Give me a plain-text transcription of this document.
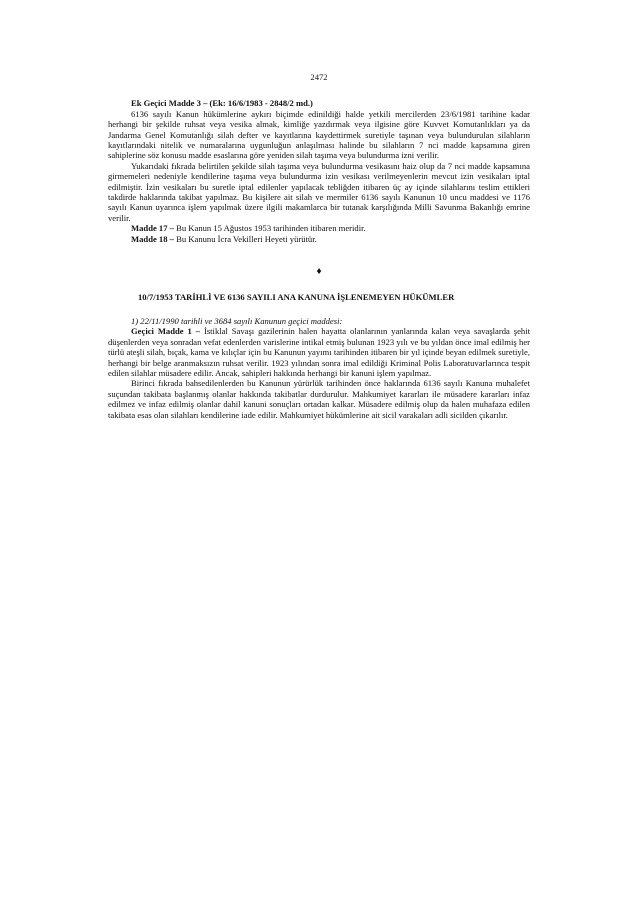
2472

Ek Geçici Madde 3 – (Ek: 16/6/1983 - 2848/2 md.)

6136 sayılı Kanun hükümlerine aykırı biçimde edinildiği halde yetkili mercilerden 23/6/1981 tarihine kadar herhangi bir şekilde ruhsat veya vesika almak, kimliğe yazdırmak veya ilgisine göre Kuvvet Komutanlıkları ya da Jandarma Genel Komutanlığı silah defter ve kayıtlarına kaydettirmek suretiyle taşınan veya bulundurulan silahların kayıtlarındaki nitelik ve numaralarına uygunluğun anlaşılması halinde bu silahların 7 nci madde kapsamına giren sahiplerine söz konusu madde esaslarına göre yeniden silah taşıma veya bulundurma izni verilir.

Yukarıdaki fıkrada belirtilen şekilde silah taşıma veya bulundurma vesikasını haiz olup da 7 nci madde kapsamına girmemeleri nedeniyle kendilerine taşıma veya bulundurma izin vesikası verilmeyenlerin mevcut izin vesikaları iptal edilmiştir. İzin vesikaları bu suretle iptal edilenler yapılacak tebliğden itibaren üç ay içinde silahlarını teslim ettikleri takdirde haklarında takibat yapılmaz. Bu kişilere ait silah ve mermiler 6136 sayılı Kanunun 10 uncu maddesi ve 1176 sayılı Kanun uyarınca işlem yapılmak üzere ilgili makamlarca bir tutanak karşılığında Milli Savunma Bakanlığı emrine verilir.

Madde 17 – Bu Kanun 15 Ağustos 1953 tarihinden itibaren meridir.

Madde 18 – Bu Kanunu İcra Vekilleri Heyeti yürütür.

♦
10/7/1953 TARİHLİ VE 6136 SAYILI ANA KANUNA İŞLENEMEYEN HÜKÜMLER

1) 22/11/1990 tarihli ve 3684 sayılı Kanunun geçici maddesi:

Geçici Madde 1 – İstiklal Savaşı gazilerinin halen hayatta olanlarının yanlarında kalan veya savaşlarda şehit düşenlerden veya sonradan vefat edenlerden varislerine intikal etmiş bulunan 1923 yılı ve bu yıldan önce imal edilmiş her türlü ateşli silah, bıçak, kama ve kılıçlar için bu Kanunun yayımı tarihinden itibaren bir yıl içinde beyan edilmek suretiyle, herhangi bir belge aranmaksızın ruhsat verilir. 1923 yılından sonra imal edildiği Kriminal Polis Laboratuvarlarınca tespit edilen silahlar müsadere edilir. Ancak, sahipleri hakkında herhangi bir kanuni işlem yapılmaz.

Birinci fıkrada bahsedilenlerden bu Kanunun yürürlük tarihinden önce haklarında 6136 sayılı Kanuna muhalefet suçundan takibata başlanmış olanlar hakkında takibatlar durdurulur. Mahkumiyet kararları ile müsadere kararları infaz edilmez ve infaz edilmiş olanlar dahil kanuni sonuçları ortadan kalkar. Müsadere edilmiş olup da halen muhafaza edilen takibata esas olan silahları kendilerine iade edilir. Mahkumiyet hükümlerine ait sicil varakaları adli sicilden çıkarılır.
